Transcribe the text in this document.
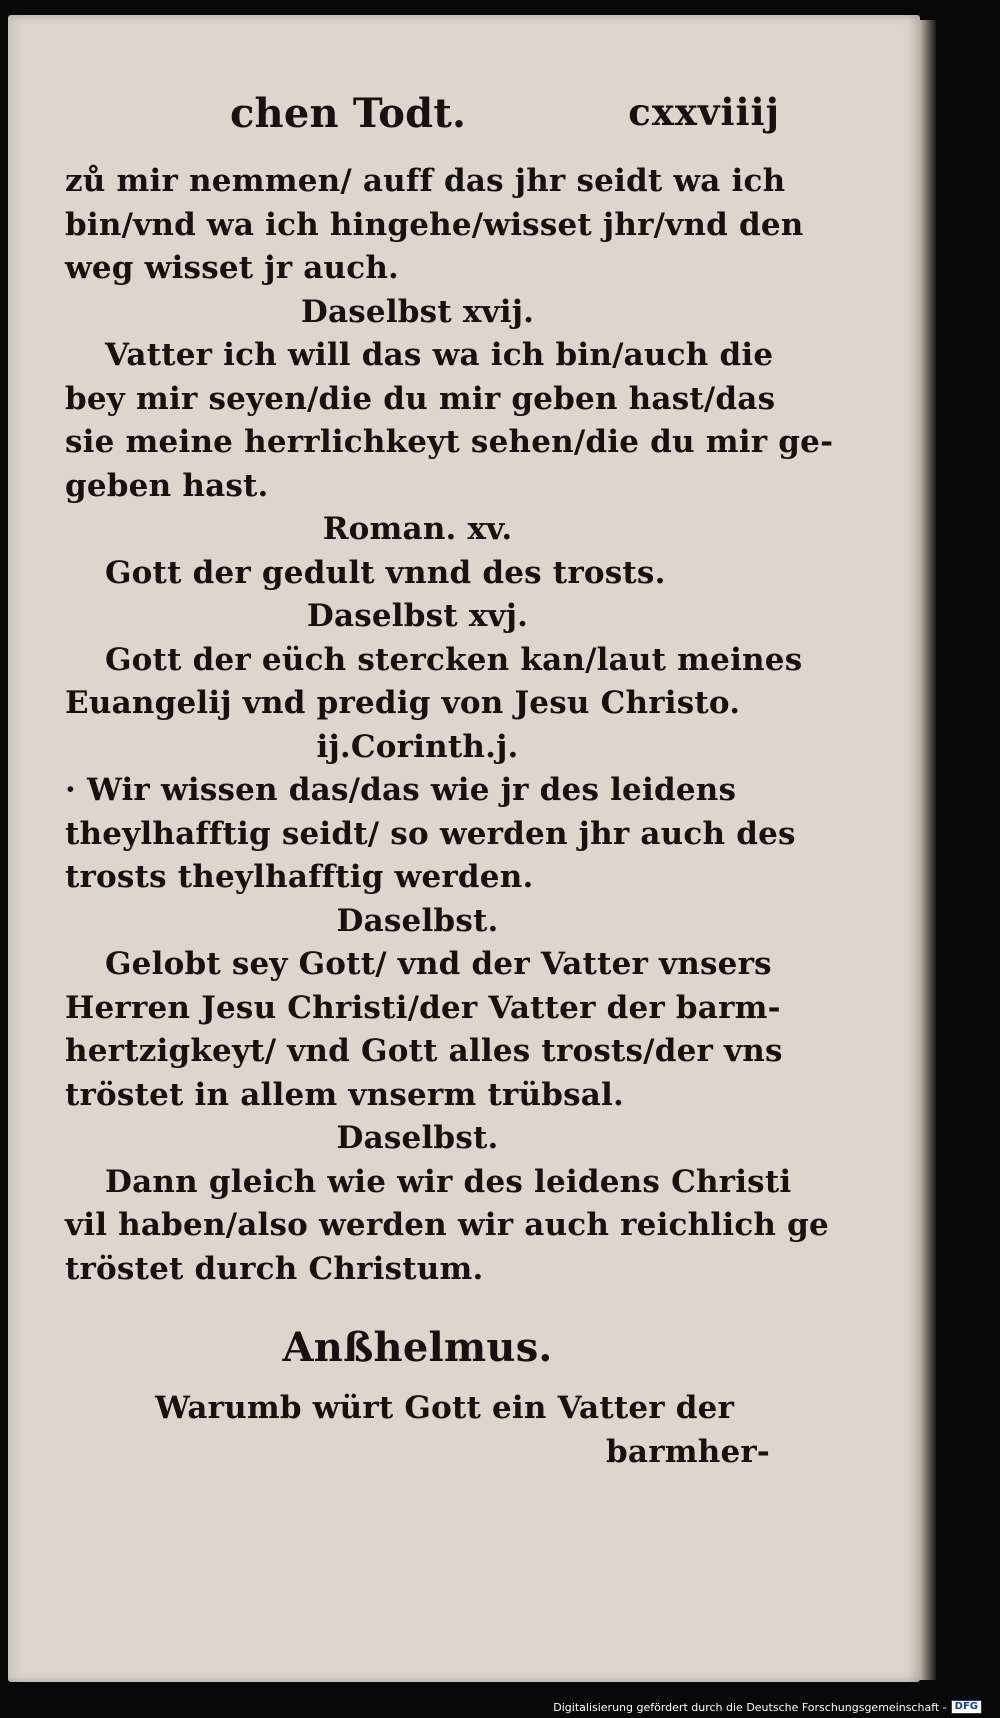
chen Todt.	cxxviiij
zů mir nemmen/ auff das jhr seidt wa ich
bin/vnd wa ich hingehe/wisset jhr/vnd den
weg wisset jr auch.
Daselbst xvij.
Vatter ich will das wa ich bin/auch die
bey mir seyen/die du mir geben hast/das
sie meine herrlichkeyt sehen/die du mir ge-
geben hast.
Roman. xv.
Gott der gedult vnnd des trosts.
Daselbst xvj.
Gott der eüch stercken kan/laut meines
Euangelij vnd predig von Jesu Christo.
ij.Corinth.j.
· Wir wissen das/das wie jr des leidens
theylhafftig seidt/ so werden jhr auch des
trosts theylhafftig werden.
Daselbst.
Gelobt sey Gott/ vnd der Vatter vnsers
Herren Jesu Christi/der Vatter der barm-
hertzigkeyt/ vnd Gott alles trosts/der vns
tröstet in allem vnserm trübsal.
Daselbst.
Dann gleich wie wir des leidens Christi
vil haben/also werden wir auch reichlich ge
tröstet durch Christum.
Anßhelmus.
Warumb würt Gott ein Vatter der
barmher-
Digitalisierung gefördert durch die Deutsche Forschungsgemeinschaft - DFG
